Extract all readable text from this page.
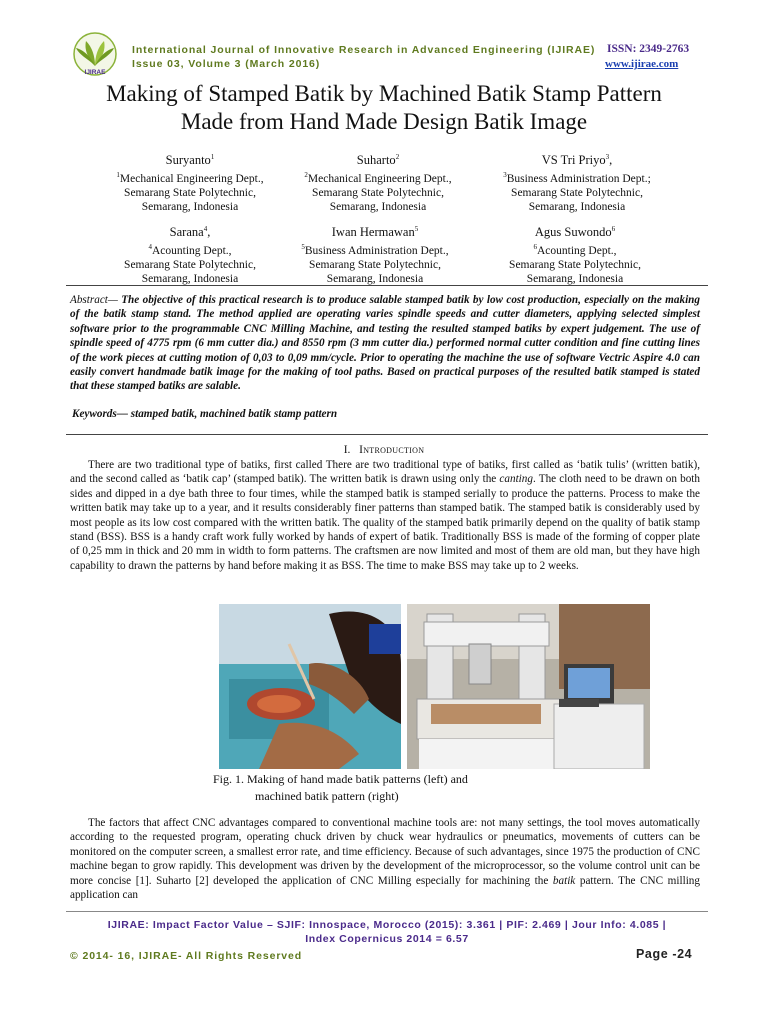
IJIRAE
International Journal of Innovative Research in Advanced Engineering (IJIRAE) ISSN: 2349-2763
Issue 03, Volume 3 (March 2016)	www.ijirae.com
Making of Stamped Batik by Machined Batik Stamp Pattern
Made from Hand Made Design Batik Image
Suryanto$^1$
$^1$Mechanical Engineering Dept.,
Semarang State Polytechnic,
Semarang, Indonesia
Suharto$^2$
$^2$Mechanical Engineering Dept.,
Semarang State Polytechnic,
Semarang, Indonesia
VS Tri Priyo$^3$,
$^3$Business Administration Dept.;
Semarang State Polytechnic,
Semarang, Indonesia
Sarana$^4$,
$^4$Acounting Dept.,
Semarang State Polytechnic,
Semarang, Indonesia
Iwan Hermawan$^5$
$^5$Business Administration Dept.,
Semarang State Polytechnic,
Semarang, Indonesia
Agus Suwondo$^6$
$^6$Acounting Dept.,
Semarang State Polytechnic,
Semarang, Indonesia
Abstract— The objective of this practical research is to produce salable stamped batik by low cost production, especially on the making of the batik stamp stand. The method applied are operating varies spindle speeds and cutter diameters, applying selected simplest software prior to the programmable CNC Milling Machine, and testing the resulted stamped batiks by expert judgement. The use of spindle speed of 4775 rpm (6 mm cutter dia.) and 8550 rpm (3 mm cutter dia.) performed normal cutter condition and fine cutting lines of the work pieces at cutting motion of 0,03 to 0,09 mm/cycle. Prior to operating the machine the use of software Vectric Aspire 4.0 can easily convert handmade batik image for the making of tool paths. Based on practical purposes of the resulted batik stamped is stated that these stamped batiks are salable.
Keywords— stamped batik, machined batik stamp pattern
I. Introduction
There are two traditional type of batiks, first called There are two traditional type of batiks, first called as ‘batik tulis’ (written batik), and the second called as ‘batik cap’ (stamped batik). The written batik is drawn using only the canting. The cloth need to be drawn on both sides and dipped in a dye bath three to four times, while the stamped batik is stamped serially to produce the patterns. Process to make the written batik may take up to a year, and it results considerably finer patterns than stamped batik. The stamped batik is considerably used by most people as its low cost compared with the written batik. The quality of the stamped batik primarily depend on the quality of batik stamp stand (BSS). BSS is a handy craft work fully worked by hands of expert of batik. Traditionally BSS is made of the forming of copper plate of 0,25 mm in thick and 20 mm in width to form patterns. The craftsmen are now limited and most of them are old man, but they have high capability to drawn the patterns by hand before making it as BSS. The time to make BSS may take up to 2 weeks.
Fig. 1. Making of hand made batik patterns (left) and
machined batik pattern (right)
The factors that affect CNC advantages compared to conventional machine tools are: not many settings, the tool moves automatically according to the requested program, operating chuck driven by chuck wear hydraulics or pneumatics, movements of cutters can be monitored on the computer screen, a smallest error rate, and time efficiency. Because of such advantages, since 1975 the production of CNC machine began to grow rapidly. This development was driven by the development of the microprocessor, so the volume control unit can be more concise [1]. Suharto [2] developed the application of CNC Milling especially for machining the batik pattern. The CNC milling application can
IJIRAE: Impact Factor Value – SJIF: Innospace, Morocco (2015): 3.361 | PIF: 2.469 | Jour Info: 4.085 |
Index Copernicus 2014 = 6.57
© 2014- 16, IJIRAE- All Rights Reserved	Page -24
